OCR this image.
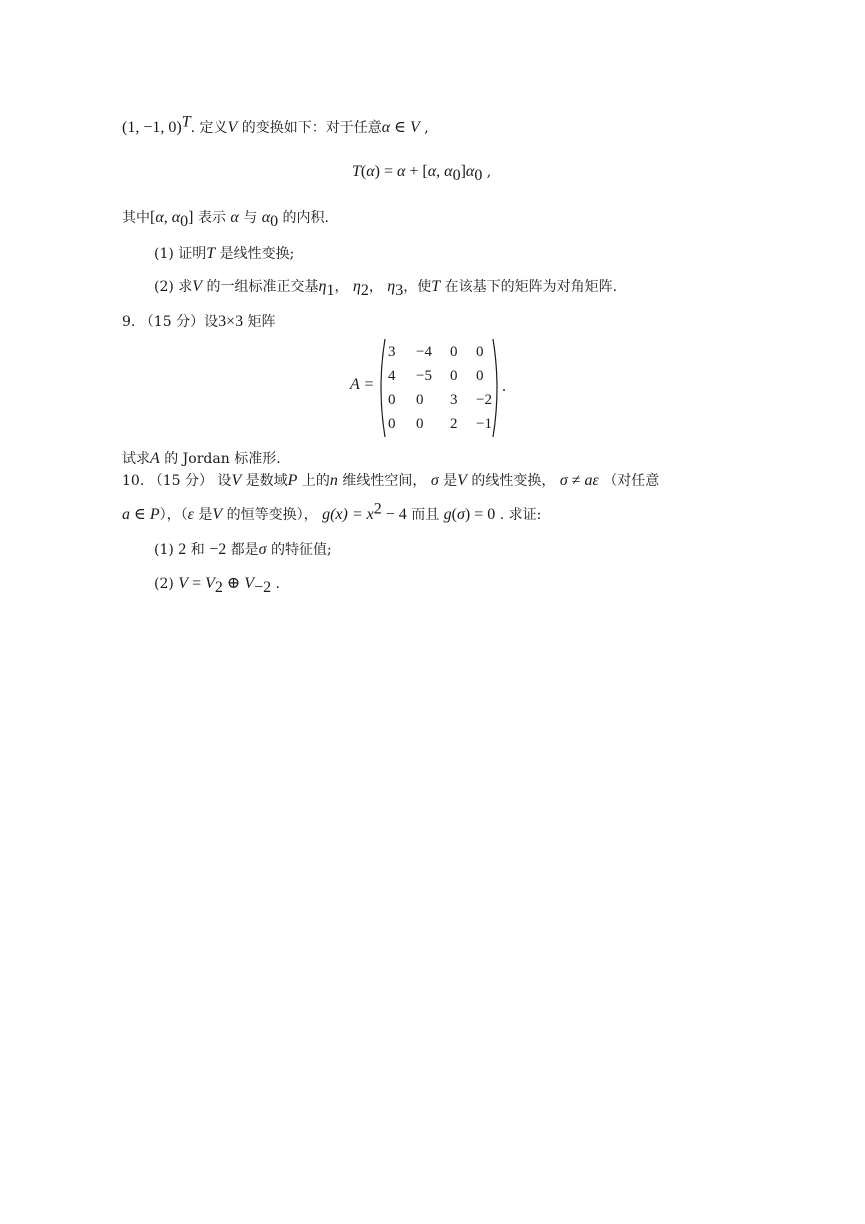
(1, −1, 0)$^T$. 定义V 的变换如下：对于任意α ∈ V ,
T(α) = α + [α, $\alpha_0]\alpha_0$ ,
其中[α, $\alpha_0$] 表示 α 与 $\alpha_0$ 的内积.
(1) 证明T 是线性变换;
(2) 求V 的一组标准正交基$\eta_1$， $\eta_2$， $\eta_3$，使T 在该基下的矩阵为对角矩阵.
9. （15 分）设3×3 矩阵
A =
3	−4	0	0
4	−5	0	0
0	0	3	−2
0	0	2	−1
.
试求A 的 Jordan 标准形.
10. （15 分） 设V 是数域P 上的n 维线性空间， σ 是V 的线性变换， σ ≠ aε （对任意
a ∈ P），（ε 是V 的恒等变换）， $g(x) = x^2 - 4$ 而且 g(σ) = 0 . 求证:
(1) 2 和 −2 都是σ 的特征值;
(2) $V = V_2$ ⊕ $V_{-2}$ .
